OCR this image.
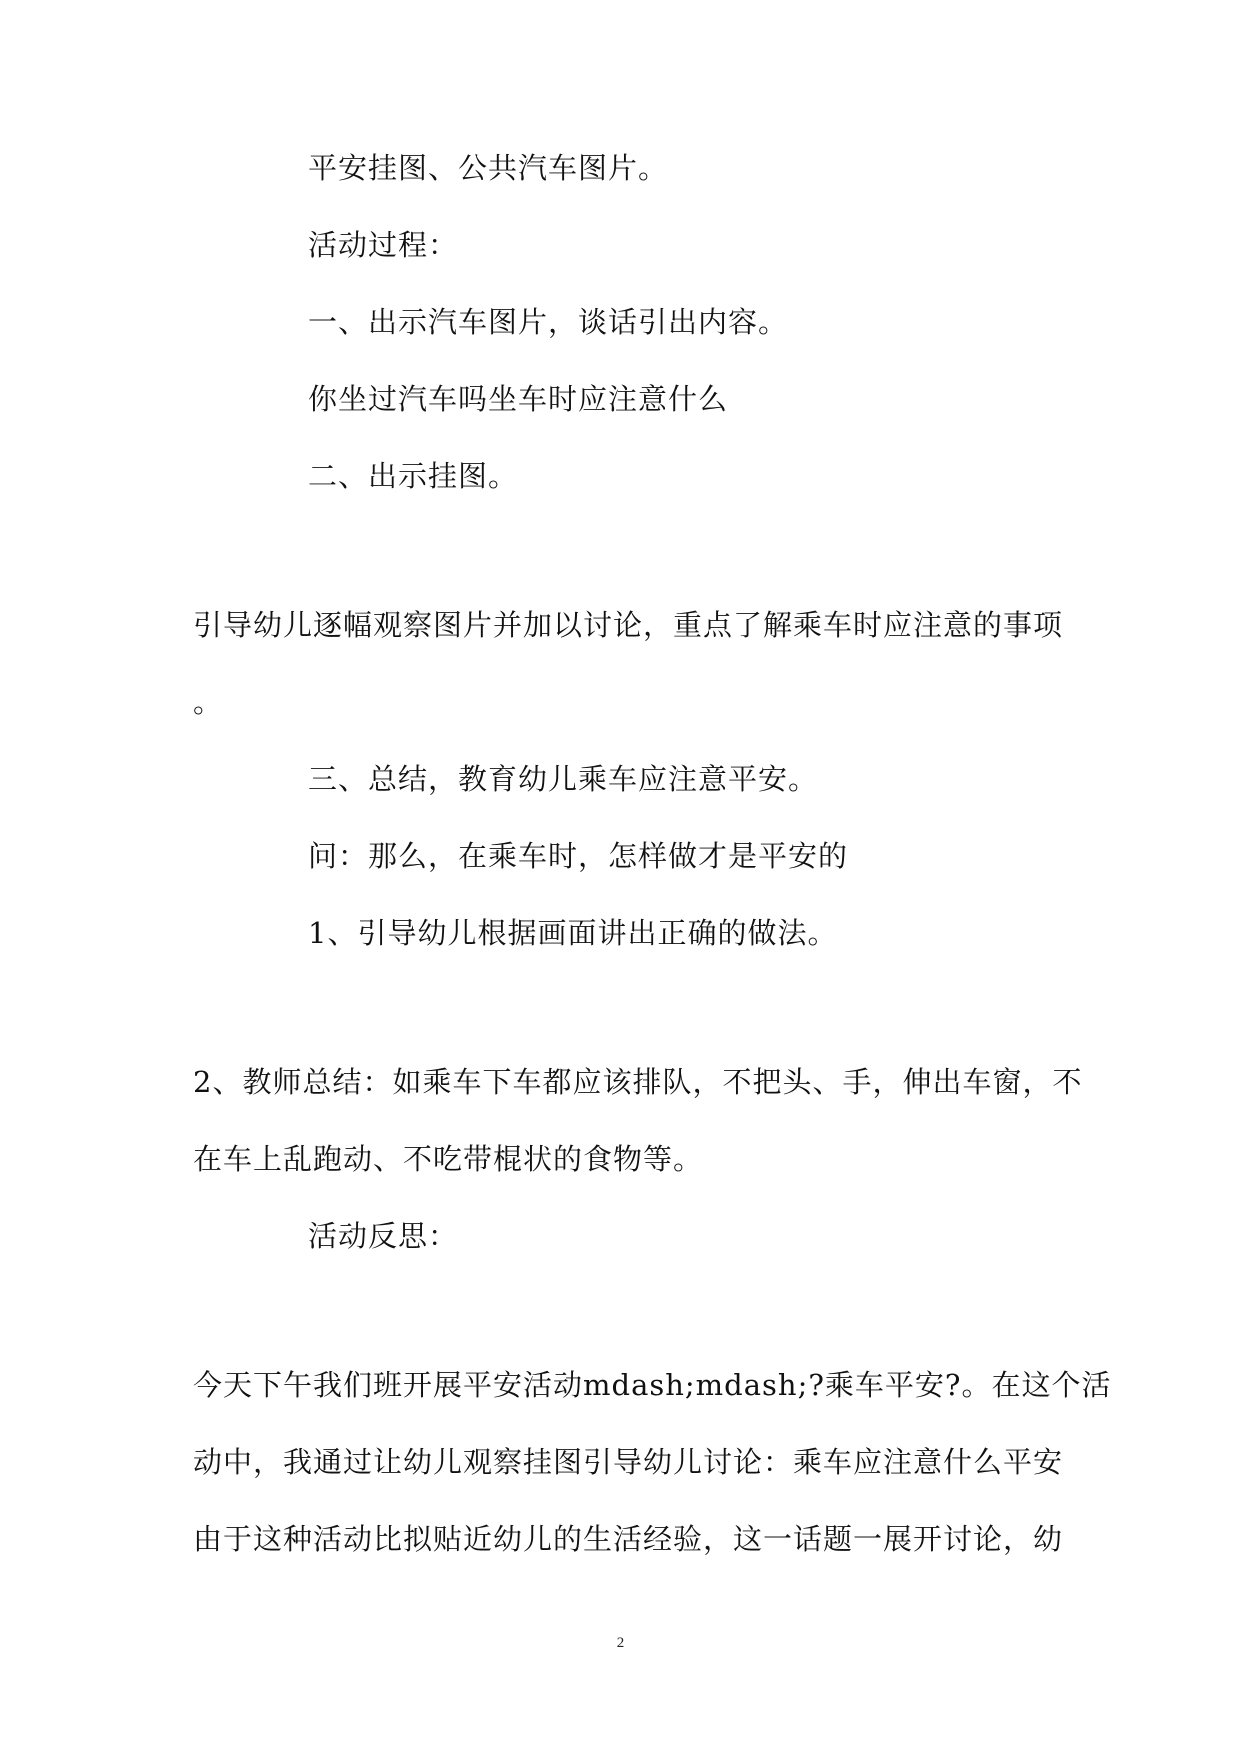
平安挂图、公共汽车图片。
活动过程：
一、出示汽车图片，谈话引出内容。
你坐过汽车吗坐车时应注意什么
二、出示挂图。
引导幼儿逐幅观察图片并加以讨论，重点了解乘车时应注意的事项
。
三、总结，教育幼儿乘车应注意平安。
问：那么，在乘车时，怎样做才是平安的
1、引导幼儿根据画面讲出正确的做法。
2、教师总结：如乘车下车都应该排队，不把头、手，伸出车窗，不
在车上乱跑动、不吃带棍状的食物等。
活动反思：
今天下午我们班开展平安活动mdash;mdash;?乘车平安?。在这个活
动中，我通过让幼儿观察挂图引导幼儿讨论：乘车应注意什么平安
由于这种活动比拟贴近幼儿的生活经验，这一话题一展开讨论，幼
2
